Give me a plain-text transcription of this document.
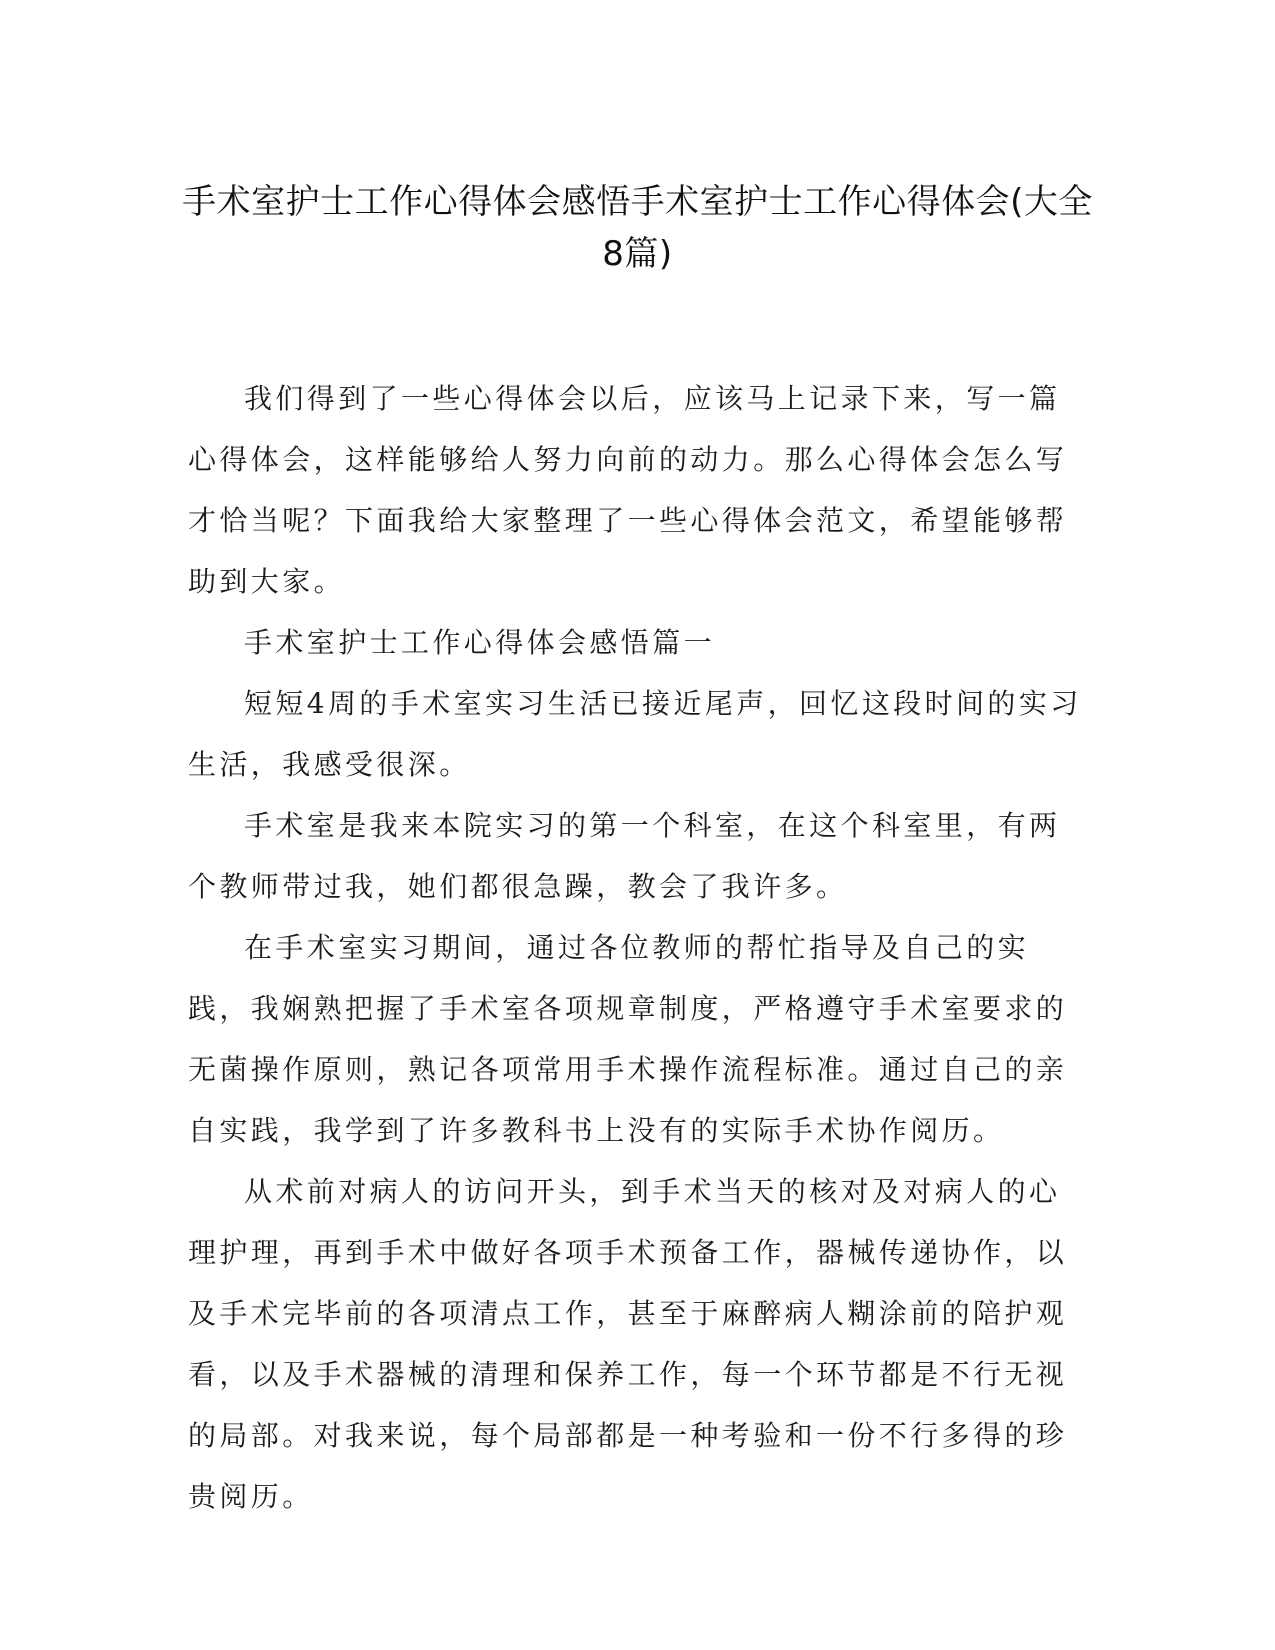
手术室护士工作心得体会感悟手术室护士工作心得体会(大全8篇)

我们得到了一些心得体会以后，应该马上记录下来，写一篇心得体会，这样能够给人努力向前的动力。那么心得体会怎么写才恰当呢？下面我给大家整理了一些心得体会范文，希望能够帮助到大家。

手术室护士工作心得体会感悟篇一

短短4周的手术室实习生活已接近尾声，回忆这段时间的实习生活，我感受很深。

手术室是我来本院实习的第一个科室，在这个科室里，有两个教师带过我，她们都很急躁，教会了我许多。

在手术室实习期间，通过各位教师的帮忙指导及自己的实践，我娴熟把握了手术室各项规章制度，严格遵守手术室要求的无菌操作原则，熟记各项常用手术操作流程标准。通过自己的亲自实践，我学到了许多教科书上没有的实际手术协作阅历。

从术前对病人的访问开头，到手术当天的核对及对病人的心理护理，再到手术中做好各项手术预备工作，器械传递协作，以及手术完毕前的各项清点工作，甚至于麻醉病人糊涂前的陪护观看，以及手术器械的清理和保养工作，每一个环节都是不行无视的局部。对我来说，每个局部都是一种考验和一份不行多得的珍贵阅历。
